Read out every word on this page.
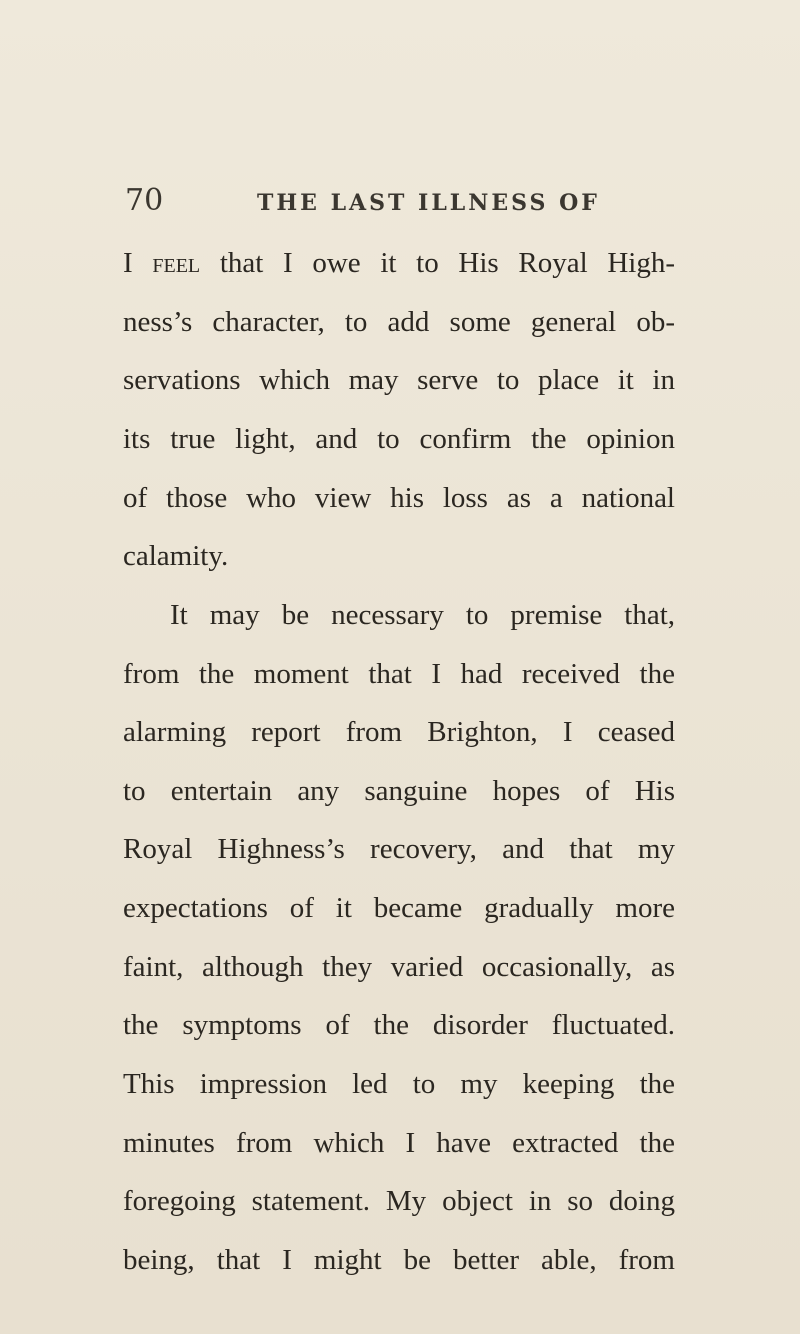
70	THE LAST ILLNESS OF
I feel that I owe it to His Royal High-
ness’s character, to add some general ob-
servations which may serve to place it in
its true light, and to confirm the opinion
of those who view his loss as a national
calamity.
It may be necessary to premise that,
from the moment that I had received the
alarming report from Brighton, I ceased
to entertain any sanguine hopes of His
Royal Highness’s recovery, and that my
expectations of it became gradually more
faint, although they varied occasionally, as
the symptoms of the disorder fluctuated.
This impression led to my keeping the
minutes from which I have extracted the
foregoing statement. My object in so doing
being, that I might be better able, from
